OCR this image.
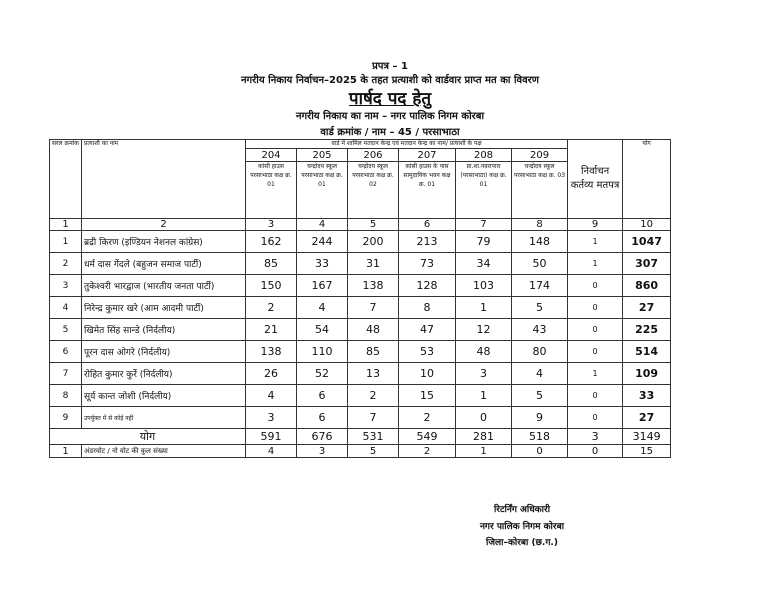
प्रपत्र – 1
नगरीय निकाय निर्वाचन–2025 के तहत प्रत्याशी को वार्डवार प्राप्त मत का विवरण
पार्षद पद हेतु
नगरीय निकाय का नाम – नगर पालिक निगम कोरबा
वार्ड क्रमांक / नाम – 45 / परसाभाठा
सरल क्रमांक	प्रत्याशी का नाम	वार्ड में शामिल मतदान केन्द्र एवं मतदान केन्द्र का नाम/ प्रत्याशी के पक्ष						निर्वाचन कर्तव्य मतपत्र	योग
		204	205	206	207	208	209		
		कांसी हाउस परसाभाठा कक्ष क्र. 01	चन्द्रोदय स्कूल परसाभाठा कक्ष क्र. 01	चन्द्रोदय स्कूल परसाभाठा कक्ष क्र. 02	कांसी हाउस के पास सामुदायिक भवन कक्ष क्र. 01	प्रा.शा.नवरापारा (परसाभाठा) कक्ष क्र. 01	चन्द्रोदय स्कूल परसाभाठा कक्ष क्र. 03		
1	2	3	4	5	6	7	8	9	10
1	ब्रद्री किरण (इण्डियन नेशनल कांग्रेस)	162	244	200	213	79	148	1	1047
2	धर्म दास गेंदले (बहुजन समाज पार्टी)	85	33	31	73	34	50	1	307
3	तुकेश्वरी भारद्वाज (भारतीय जनता पार्टी)	150	167	138	128	103	174	0	860
4	निरेन्द्र कुमार खरे (आम आदमी पार्टी)	2	4	7	8	1	5	0	27
5	खिमेत सिंह सान्डे (निर्दलीय)	21	54	48	47	12	43	0	225
6	पूरन दास ओगरे (निर्दलीय)	138	110	85	53	48	80	0	514
7	रोहित कुमार कुर्रे (निर्दलीय)	26	52	13	10	3	4	1	109
8	सूर्य कान्त जोशी (निर्दलीय)	4	6	2	15	1	5	0	33
9	उपर्युक्त में से कोई नहीं	3	6	7	2	0	9	0	27
योग		591	676	531	549	281	518	3	3149
1	अंडरवोट / नो वोट की कुल संख्या	4	3	5	2	1	0	0	15
रिटर्निंग अधिकारी
नगर पालिक निगम कोरबा
जिला–कोरबा (छ.ग.)
